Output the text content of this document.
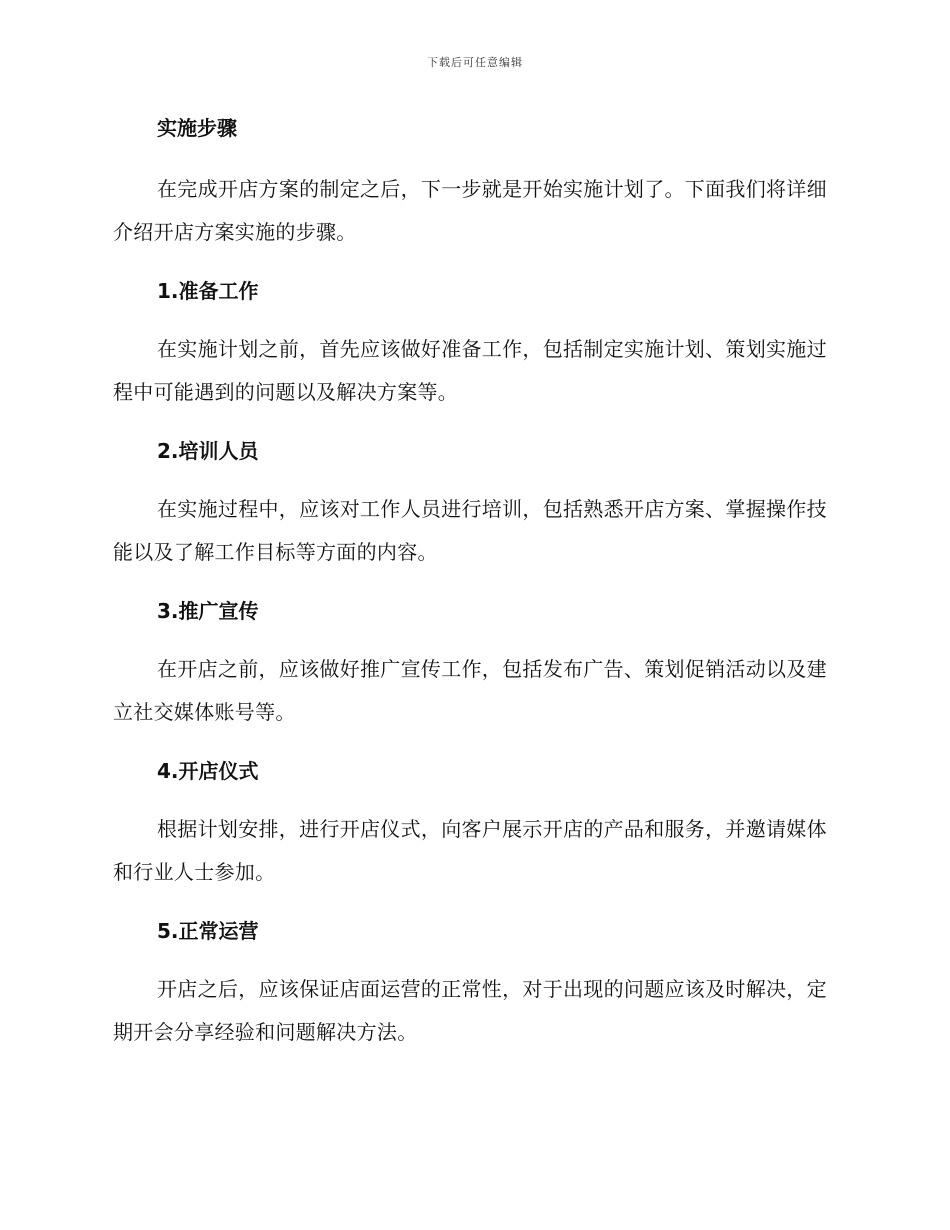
下载后可任意编辑
实施步骤

在完成开店方案的制定之后，下一步就是开始实施计划了。下面我们将详细介绍开店方案实施的步骤。

1.准备工作

在实施计划之前，首先应该做好准备工作，包括制定实施计划、策划实施过程中可能遇到的问题以及解决方案等。

2.培训人员

在实施过程中，应该对工作人员进行培训，包括熟悉开店方案、掌握操作技能以及了解工作目标等方面的内容。

3.推广宣传

在开店之前，应该做好推广宣传工作，包括发布广告、策划促销活动以及建立社交媒体账号等。

4.开店仪式

根据计划安排，进行开店仪式，向客户展示开店的产品和服务，并邀请媒体和行业人士参加。

5.正常运营

开店之后，应该保证店面运营的正常性，对于出现的问题应该及时解决，定期开会分享经验和问题解决方法。
